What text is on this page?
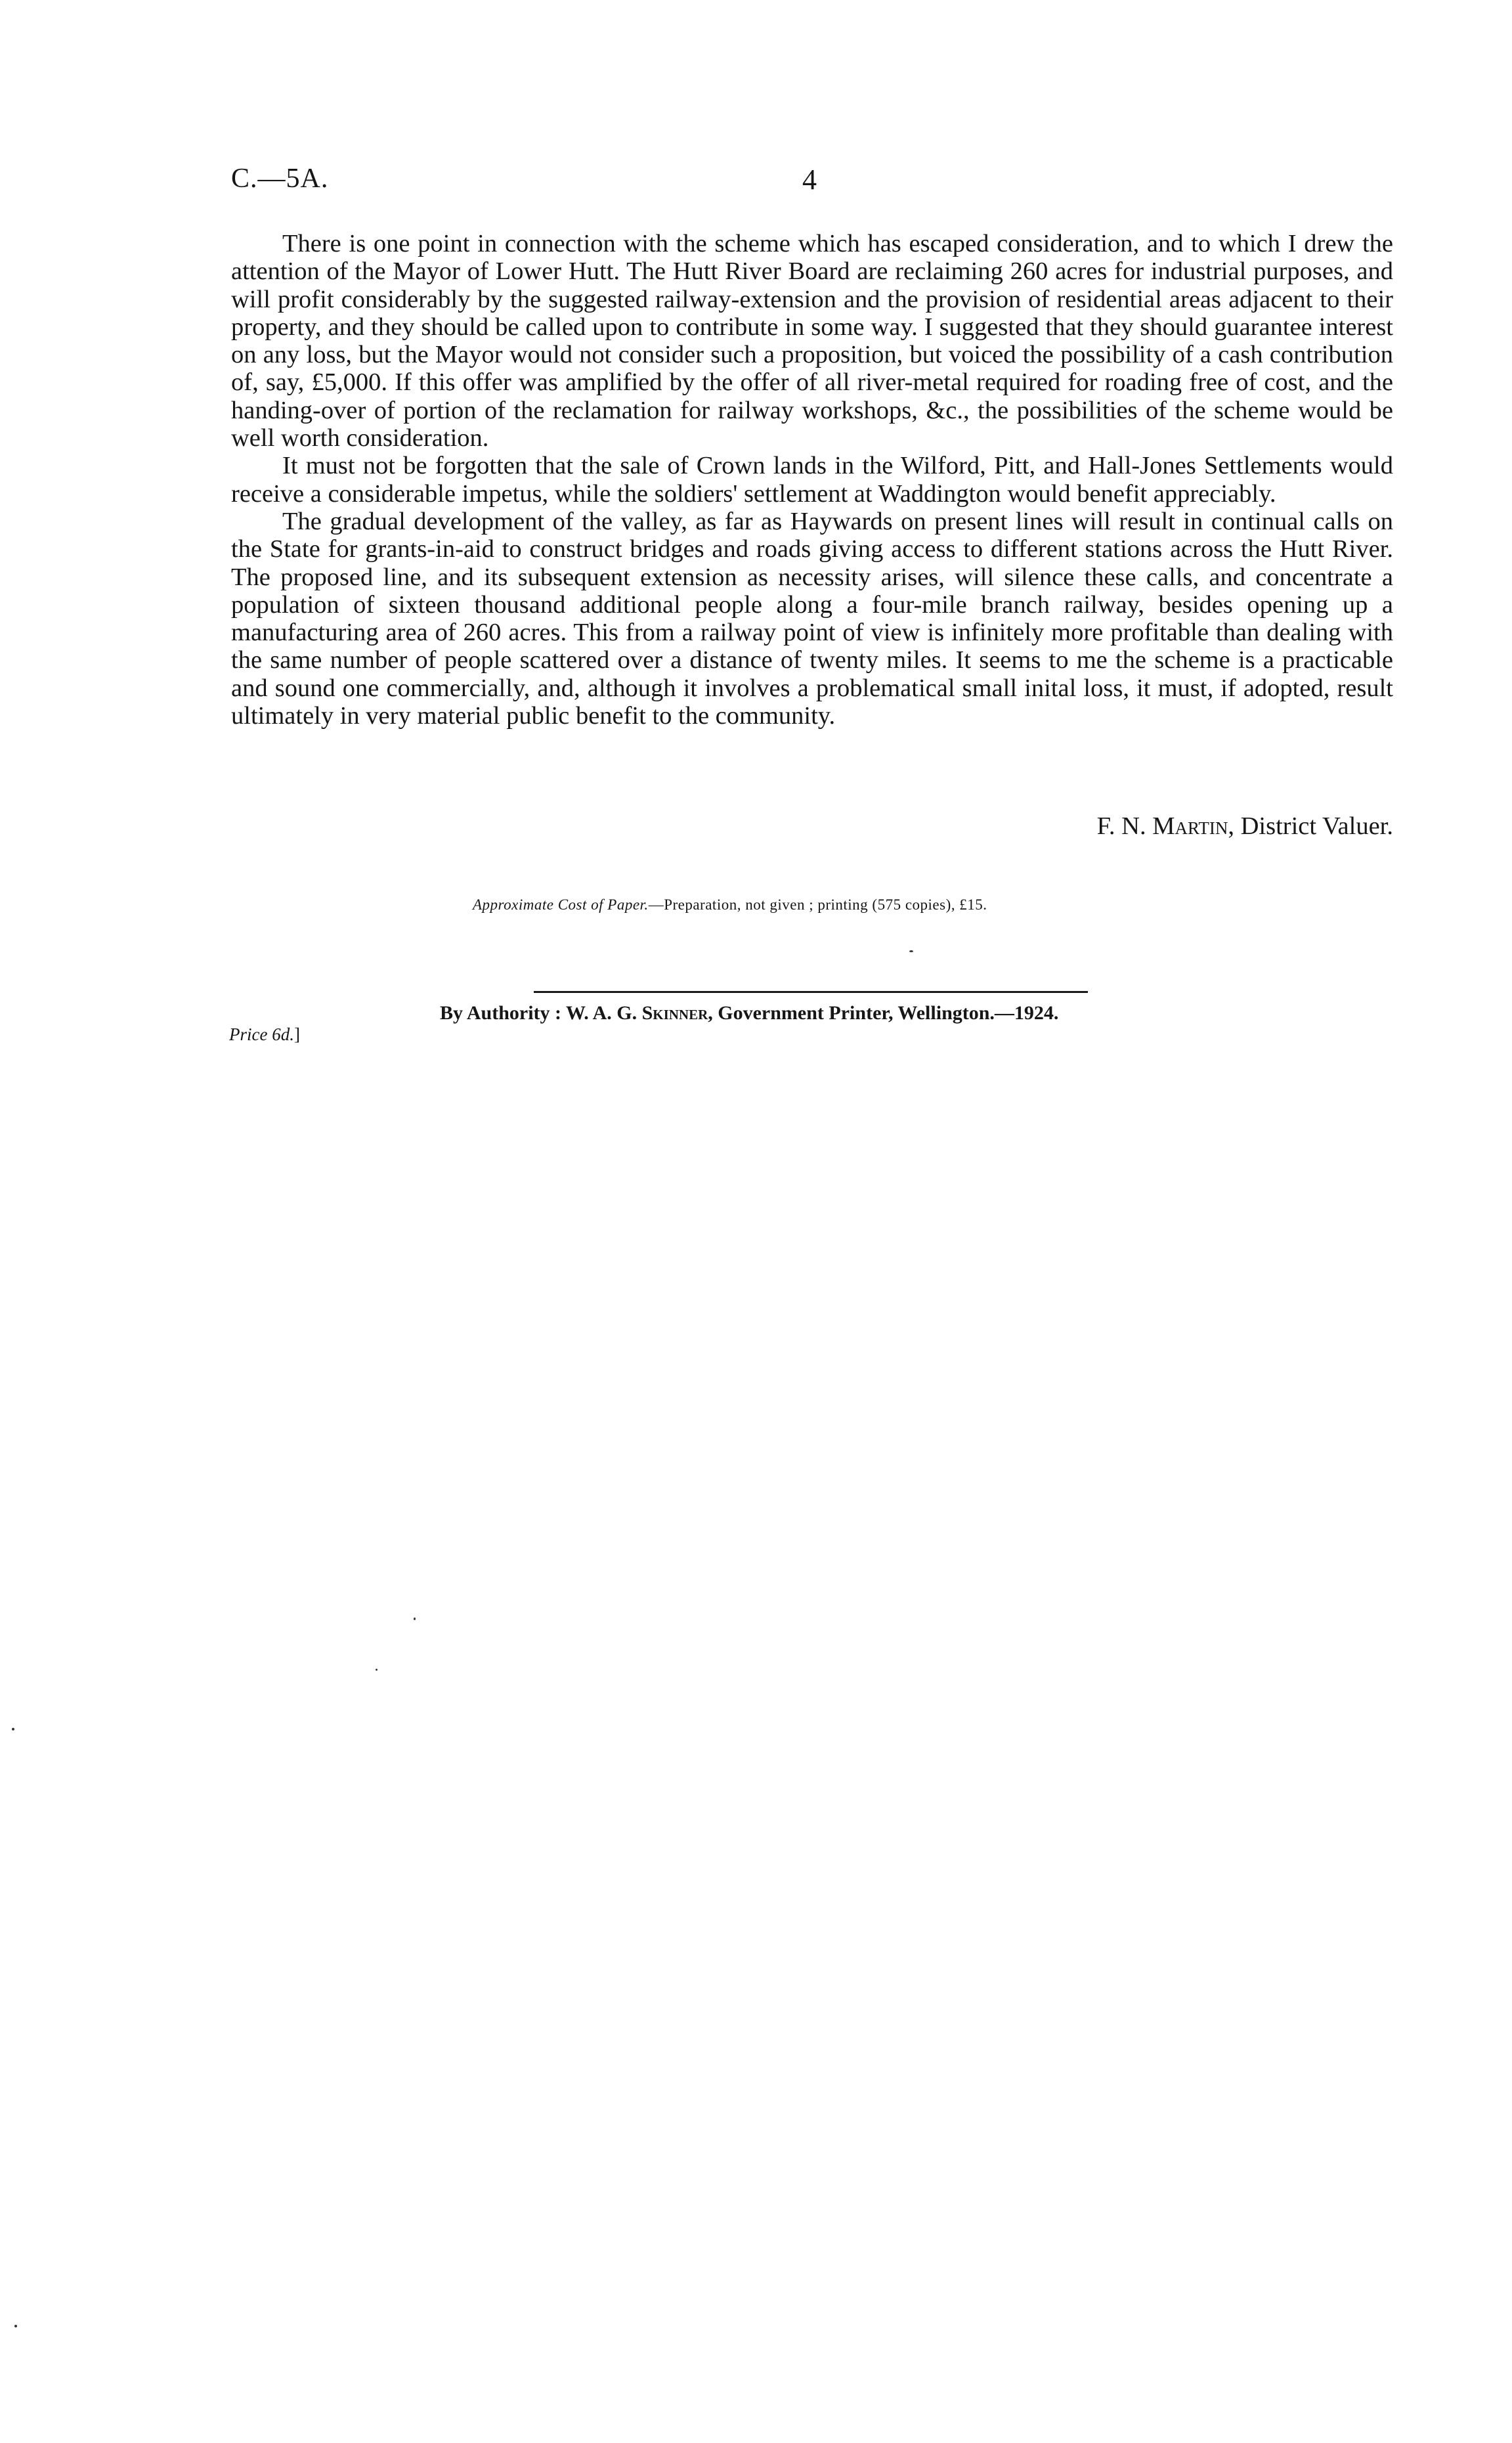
C.—5A.	4

There is one point in connection with the scheme which has escaped consideration, and to which I drew the attention of the Mayor of Lower Hutt. The Hutt River Board are reclaiming 260 acres for industrial purposes, and will profit considerably by the suggested railway-extension and the provision of residential areas adjacent to their property, and they should be called upon to contribute in some way. I suggested that they should guarantee interest on any loss, but the Mayor would not consider such a proposition, but voiced the possibility of a cash contribution of, say, £5,000. If this offer was amplified by the offer of all river-metal required for roading free of cost, and the handing-over of portion of the reclamation for railway workshops, &c., the possibilities of the scheme would be well worth consideration.

It must not be forgotten that the sale of Crown lands in the Wilford, Pitt, and Hall-Jones Settlements would receive a considerable impetus, while the soldiers' settlement at Waddington would benefit appreciably.

The gradual development of the valley, as far as Haywards on present lines will result in continual calls on the State for grants-in-aid to construct bridges and roads giving access to different stations across the Hutt River. The proposed line, and its subsequent extension as necessity arises, will silence these calls, and concentrate a population of sixteen thousand additional people along a four-mile branch railway, besides opening up a manufacturing area of 260 acres. This from a railway point of view is infinitely more profitable than dealing with the same number of people scattered over a distance of twenty miles. It seems to me the scheme is a practicable and sound one commercially, and, although it involves a problematical small inital loss, it must, if adopted, result ultimately in very material public benefit to the community.

F. N. Martin, District Valuer.
Approximate Cost of Paper.—Preparation, not given ; printing (575 copies), £15.
Price 6d.]
By Authority : W. A. G. Skinner, Government Printer, Wellington.—1924.
